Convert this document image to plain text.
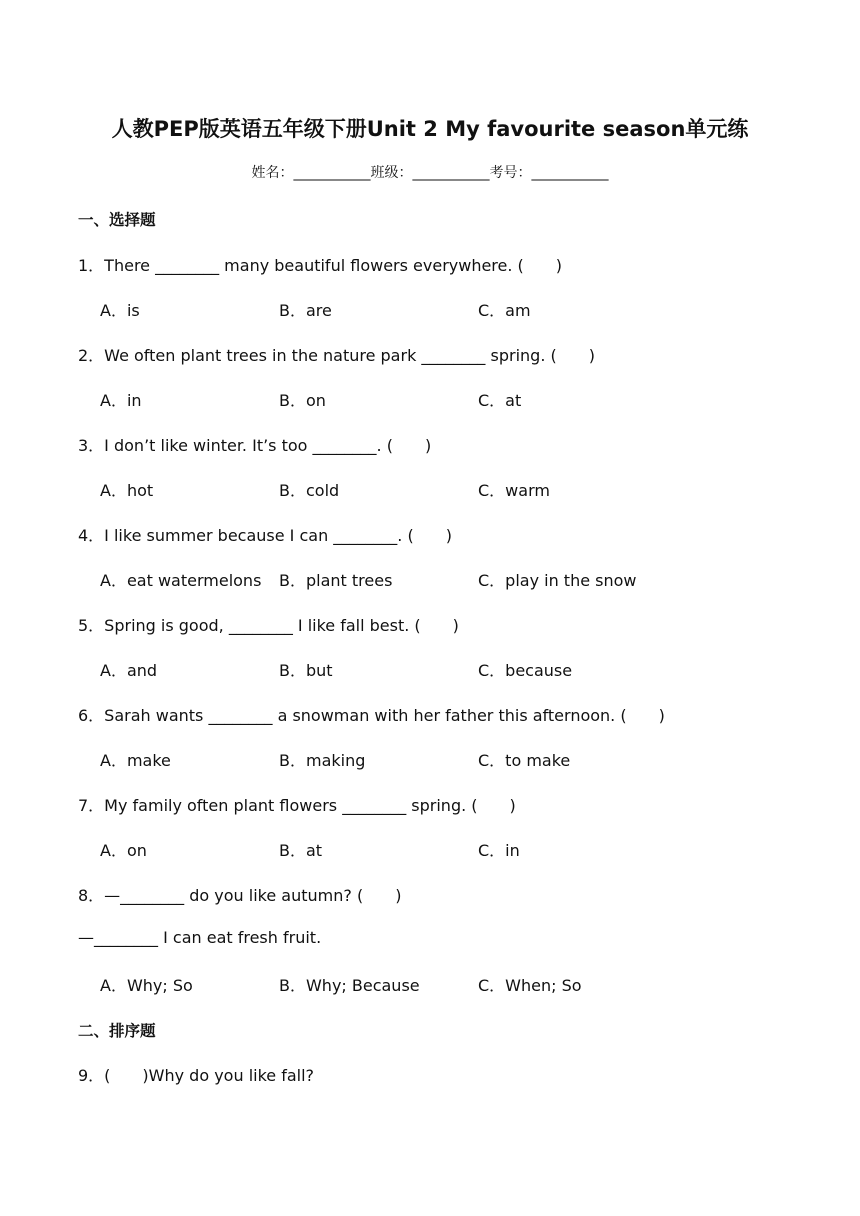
人教PEP版英语五年级下册Unit 2 My favourite season单元练
姓名：___________班级：___________考号：___________
一、选择题
1．There ________ many beautiful flowers everywhere. (　　)
A．is	B．are	C．am
2．We often plant trees in the nature park ________ spring. (　　)
A．in	B．on	C．at
3．I don’t like winter. It’s too ________. (　　)
A．hot	B．cold	C．warm
4．I like summer because I can ________. (　　)
A．eat watermelons B．plant trees	C．play in the snow
5．Spring is good, ________ I like fall best. (　　)
A．and	B．but	C．because
6．Sarah wants ________ a snowman with her father this afternoon. (　　)
A．make	B．making	C．to make
7．My family often plant flowers ________ spring. (　　)
A．on	B．at	C．in
8．—________ do you like autumn? (　　)
—________ I can eat fresh fruit.
A．Why; So	B．Why; Because	C．When; So
二、排序题
9．(　　)Why do you like fall?
